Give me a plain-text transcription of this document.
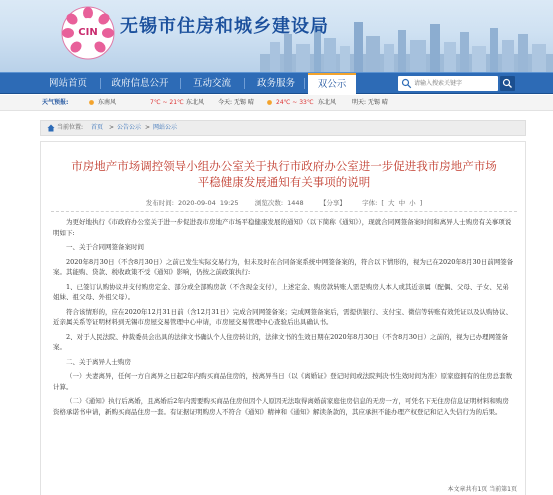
CIN 无锡市住房和城乡建设局
网站首页	政府信息公开	互动交流	政务服务	双公示
请输入搜索关键字
天气预报:	东南风	7℃ ~ 21℃ 东北风 今天: 无锡 晴	24℃ ~ 33℃ 东北风	明天: 无锡 晴
当前位置: 首页 > 公告公示 > 网站公示
市房地产市场调控领导小组办公室关于执行市政府办公室进一步促进我市房地产市场
平稳健康发展通知有关事项的说明
发布时间: 2020-09-04 19:25	浏览次数: 1448	【分享】	字体: [ 大 中 小 ]

为更好地执行《市政府办公室关于进一步促进我市房地产市场平稳健康发展的通知》（以下简称《通知》），现就合同网签备案时间和离异人士购房有关事项说明如下:

一、关于合同网签备案时间

2020年8月30日（不含8月30日）之前已发生实际交易行为，但未及时在合同备案系统中网签备案的，符合以下情形的，视为已在2020年8月30日前网签备案。其能购、贷款、税收政策不受《通知》影响，仍按之前政策执行:

1、已签订认购协议并支付购房定金、部分或全部购房款（不含现金支付），上述定金、购房款转账人需是购房人本人或其近亲属（配偶、父母、子女、兄弟姐妹、祖父母、外祖父母）。

符合该情形的，应在2020年12月31日前（含12月31日）完成合同网签备案；完成网签备案后，需提供银行、支付宝、微信等转账有效凭证以及认购协议、近亲属关系等证明材料到无锡市房屋交易管理中心申请，市房屋交易管理中心查验后出具确认书。

2、对于人民法院、仲裁委员会出具的法律文书确认个人住房转让的，法律文书的生效日期在2020年8月30日（不含8月30日）之前的，视为已办理网签备案。

二、关于离异人士购房

（一）夫妻离异，任何一方自离异之日起2年内购买商品住房的，按离异当日（以《离婚证》登记时间或法院判决书生效时间为准）原家庭拥有的住房总套数计算。

（二）《通知》执行后离婚，且离婚后2年内需要购买商品住房但因个人原因无法取得离婚前家庭住房信息的无房一方，可凭名下无住房信息证明材料和购房资格承诺书申请，新购买商品住房一套。有证据证明购房人不符合《通知》精神和《通知》解读条款的，其应承担不能办理产权登记和记入失信行为的后果。

本文章共有1页 当前第1页
